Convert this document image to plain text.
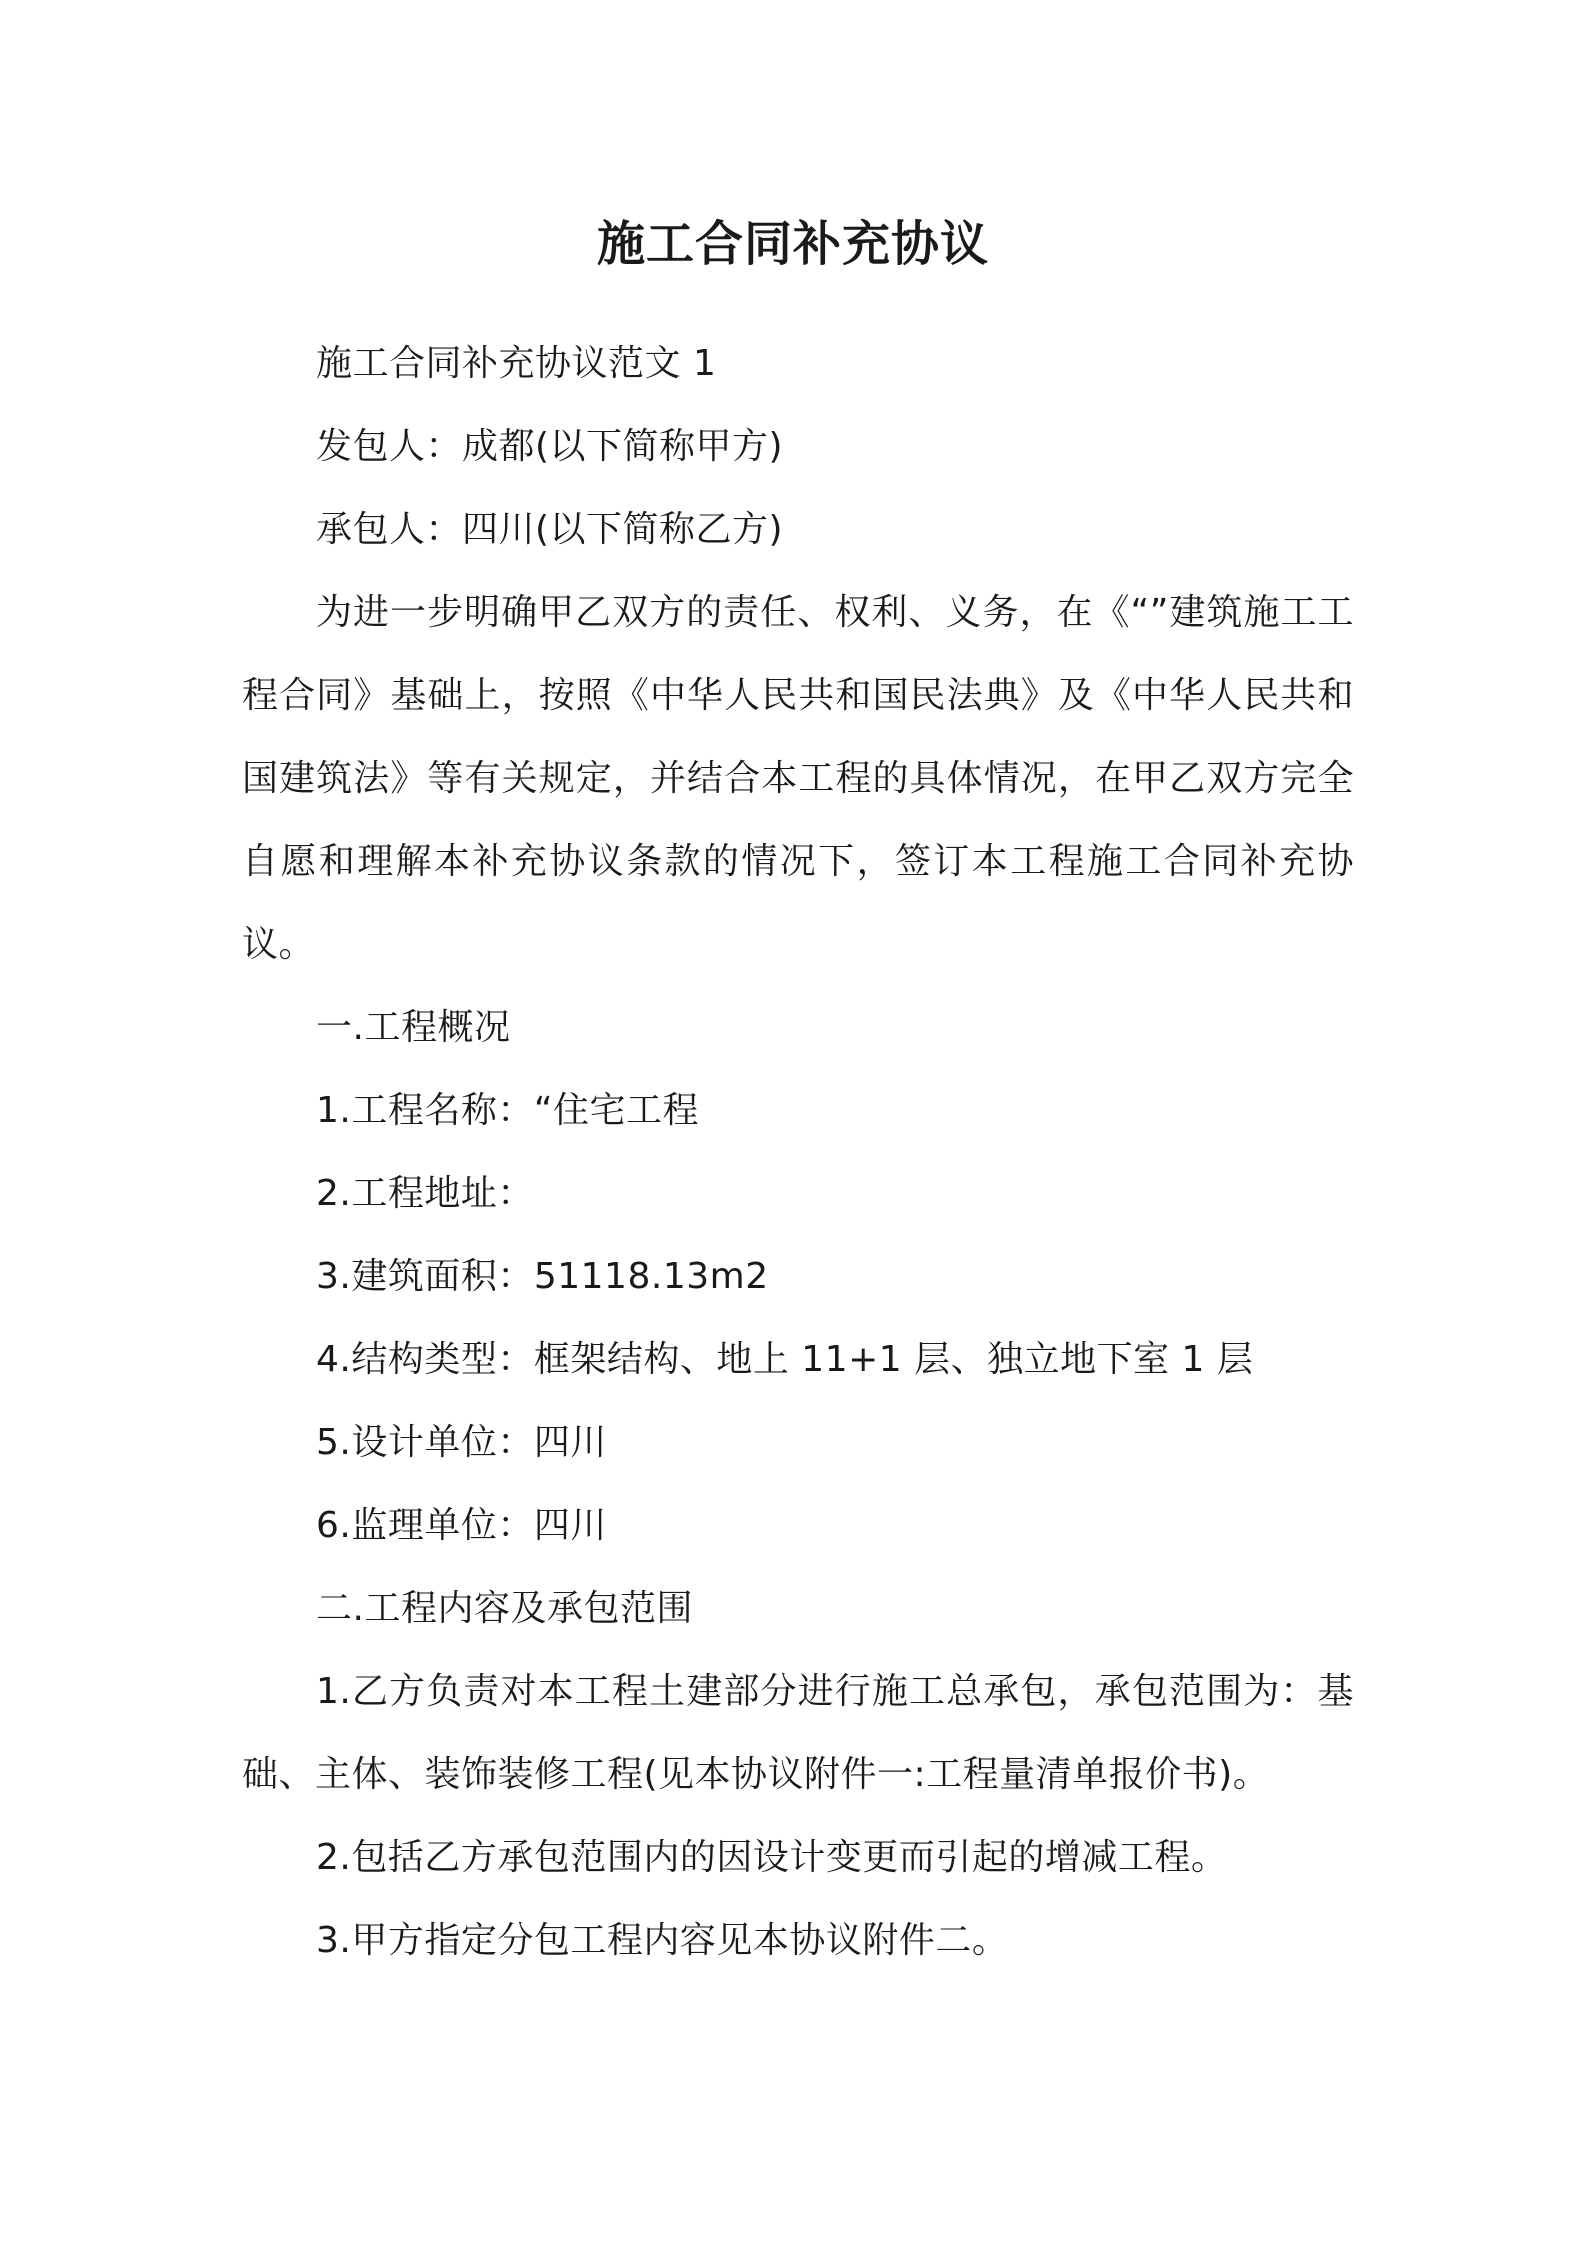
施工合同补充协议

施工合同补充协议范文 1

发包人：成都(以下简称甲方)

承包人：四川(以下简称乙方)

为进一步明确甲乙双方的责任、权利、义务，在《“”建筑施工工程合同》基础上，按照《中华人民共和国民法典》及《中华人民共和国建筑法》等有关规定，并结合本工程的具体情况，在甲乙双方完全自愿和理解本补充协议条款的情况下，签订本工程施工合同补充协议。

一.工程概况

1.工程名称：“住宅工程

2.工程地址：

3.建筑面积：51118.13m2

4.结构类型：框架结构、地上 11+1 层、独立地下室 1 层

5.设计单位：四川

6.监理单位：四川

二.工程内容及承包范围

1.乙方负责对本工程土建部分进行施工总承包，承包范围为：基础、主体、装饰装修工程(见本协议附件一:工程量清单报价书)。

2.包括乙方承包范围内的因设计变更而引起的增减工程。

3.甲方指定分包工程内容见本协议附件二。
